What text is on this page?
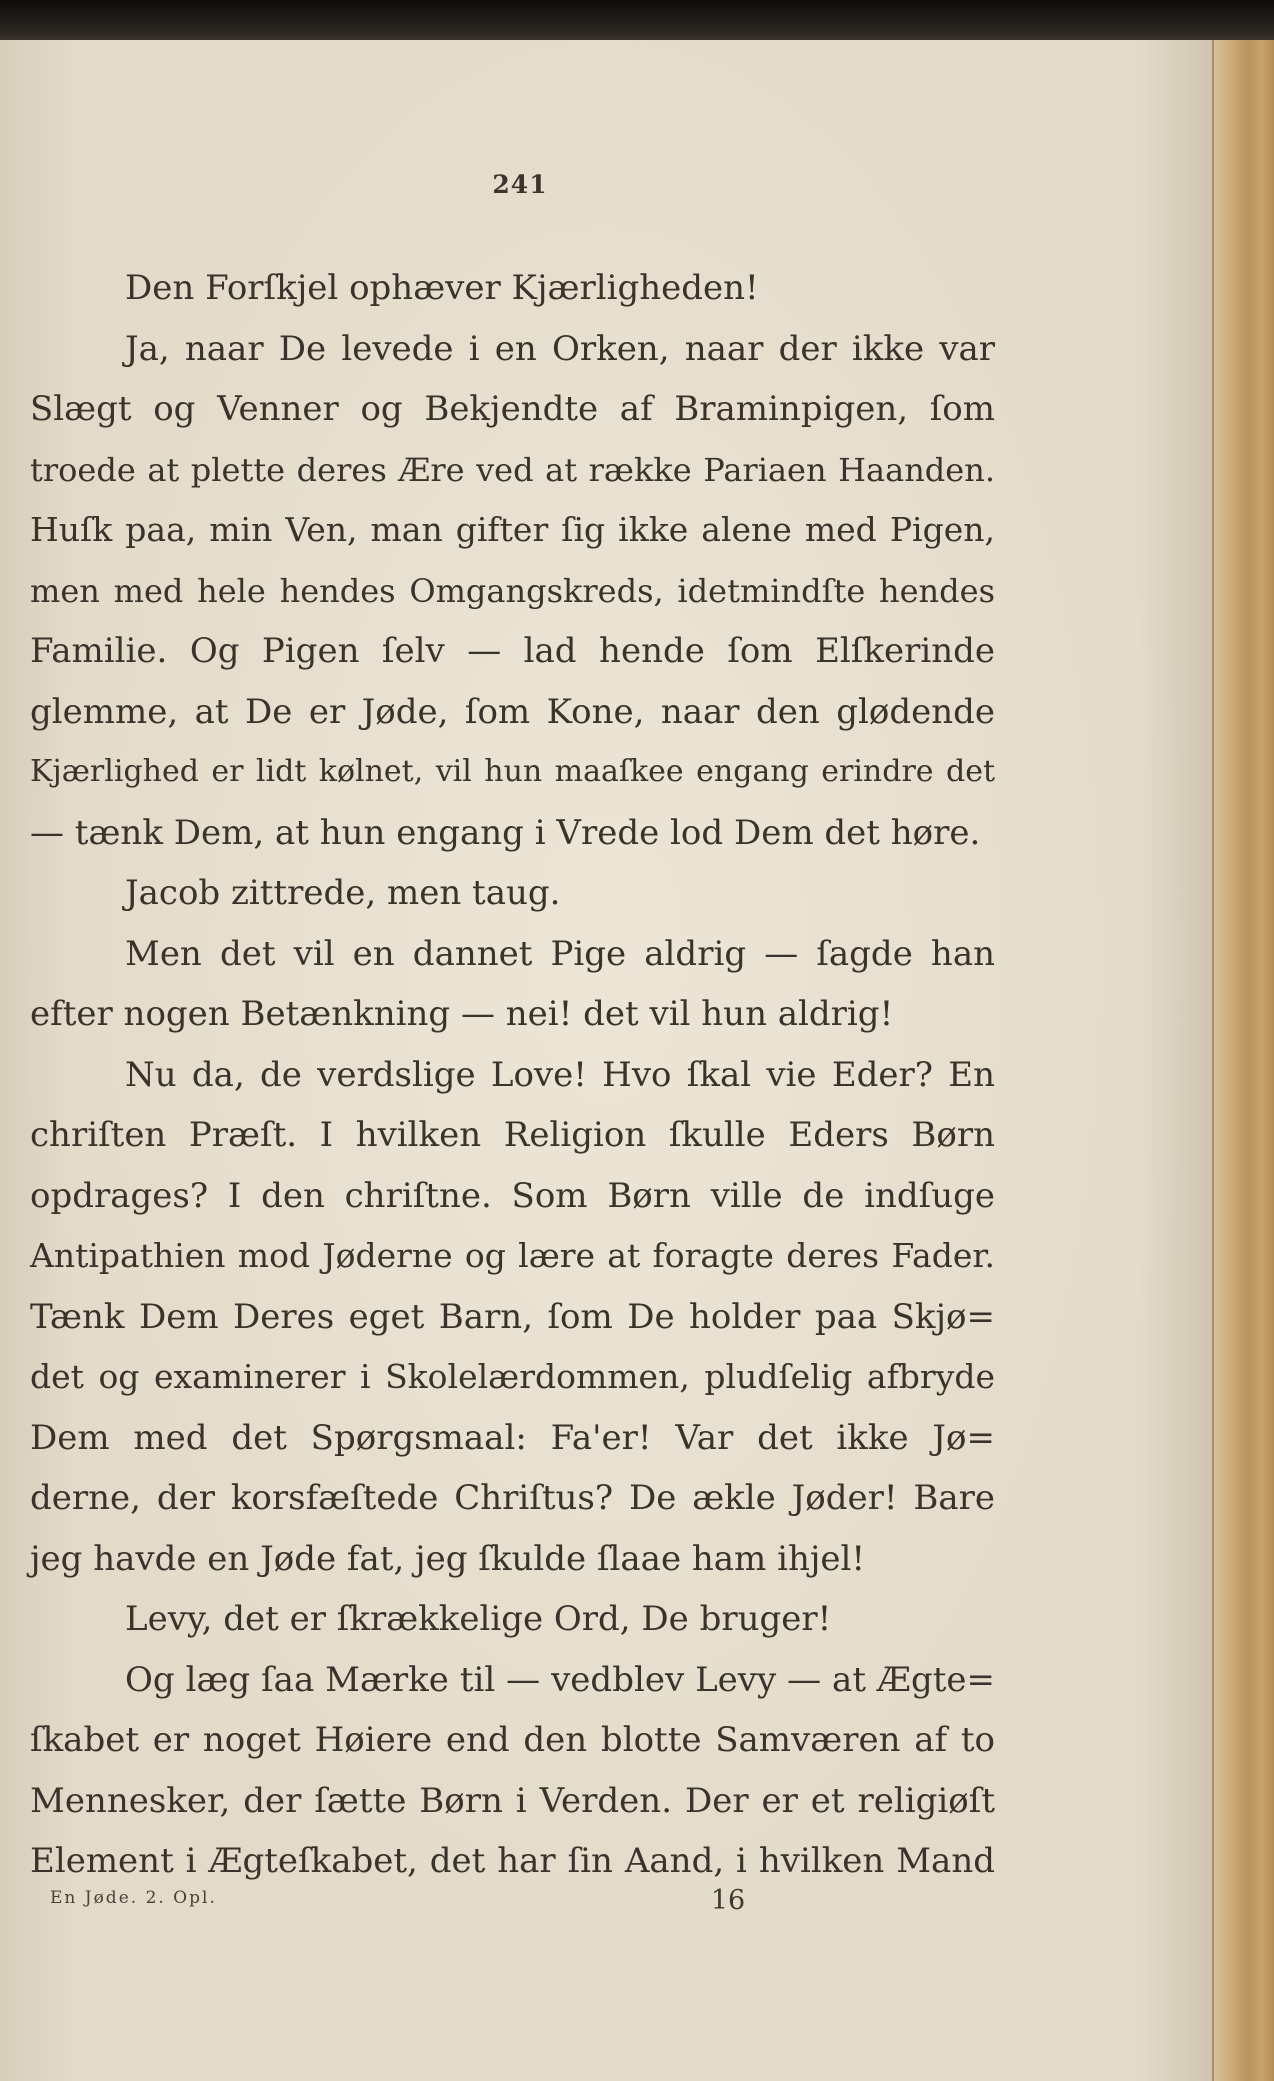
241
Den Forſkjel ophæver Kjærligheden!
Ja, naar De levede i en Orken, naar der ikke var
Slægt og Venner og Bekjendte af Braminpigen, ſom
troede at plette deres Ære ved at række Pariaen Haanden.
Huſk paa, min Ven, man gifter ſig ikke alene med Pigen,
men med hele hendes Omgangskreds, idetmindſte hendes
Familie. Og Pigen ſelv — lad hende ſom Elſkerinde
glemme, at De er Jøde, ſom Kone, naar den glødende
Kjærlighed er lidt kølnet, vil hun maaſkee engang erindre det
— tænk Dem, at hun engang i Vrede lod Dem det høre.
Jacob zittrede, men taug.
Men det vil en dannet Pige aldrig — ſagde han
efter nogen Betænkning — nei! det vil hun aldrig!
Nu da, de verdslige Love! Hvo ſkal vie Eder? En
chriſten Præſt. I hvilken Religion ſkulle Eders Børn
opdrages? I den chriſtne. Som Børn ville de indſuge
Antipathien mod Jøderne og lære at foragte deres Fader.
Tænk Dem Deres eget Barn, ſom De holder paa Skjø=
det og examinerer i Skolelærdommen, pludſelig afbryde
Dem med det Spørgsmaal: Fa'er! Var det ikke Jø=
derne, der korsfæſtede Chriſtus? De ækle Jøder! Bare
jeg havde en Jøde fat, jeg ſkulde ſlaae ham ihjel!
Levy, det er ſkrækkelige Ord, De bruger!
Og læg ſaa Mærke til — vedblev Levy — at Ægte=
ſkabet er noget Høiere end den blotte Samværen af to
Mennesker, der ſætte Børn i Verden. Der er et religiøſt
Element i Ægteſkabet, det har ſin Aand, i hvilken Mand
En Jøde. 2. Opl.	16
